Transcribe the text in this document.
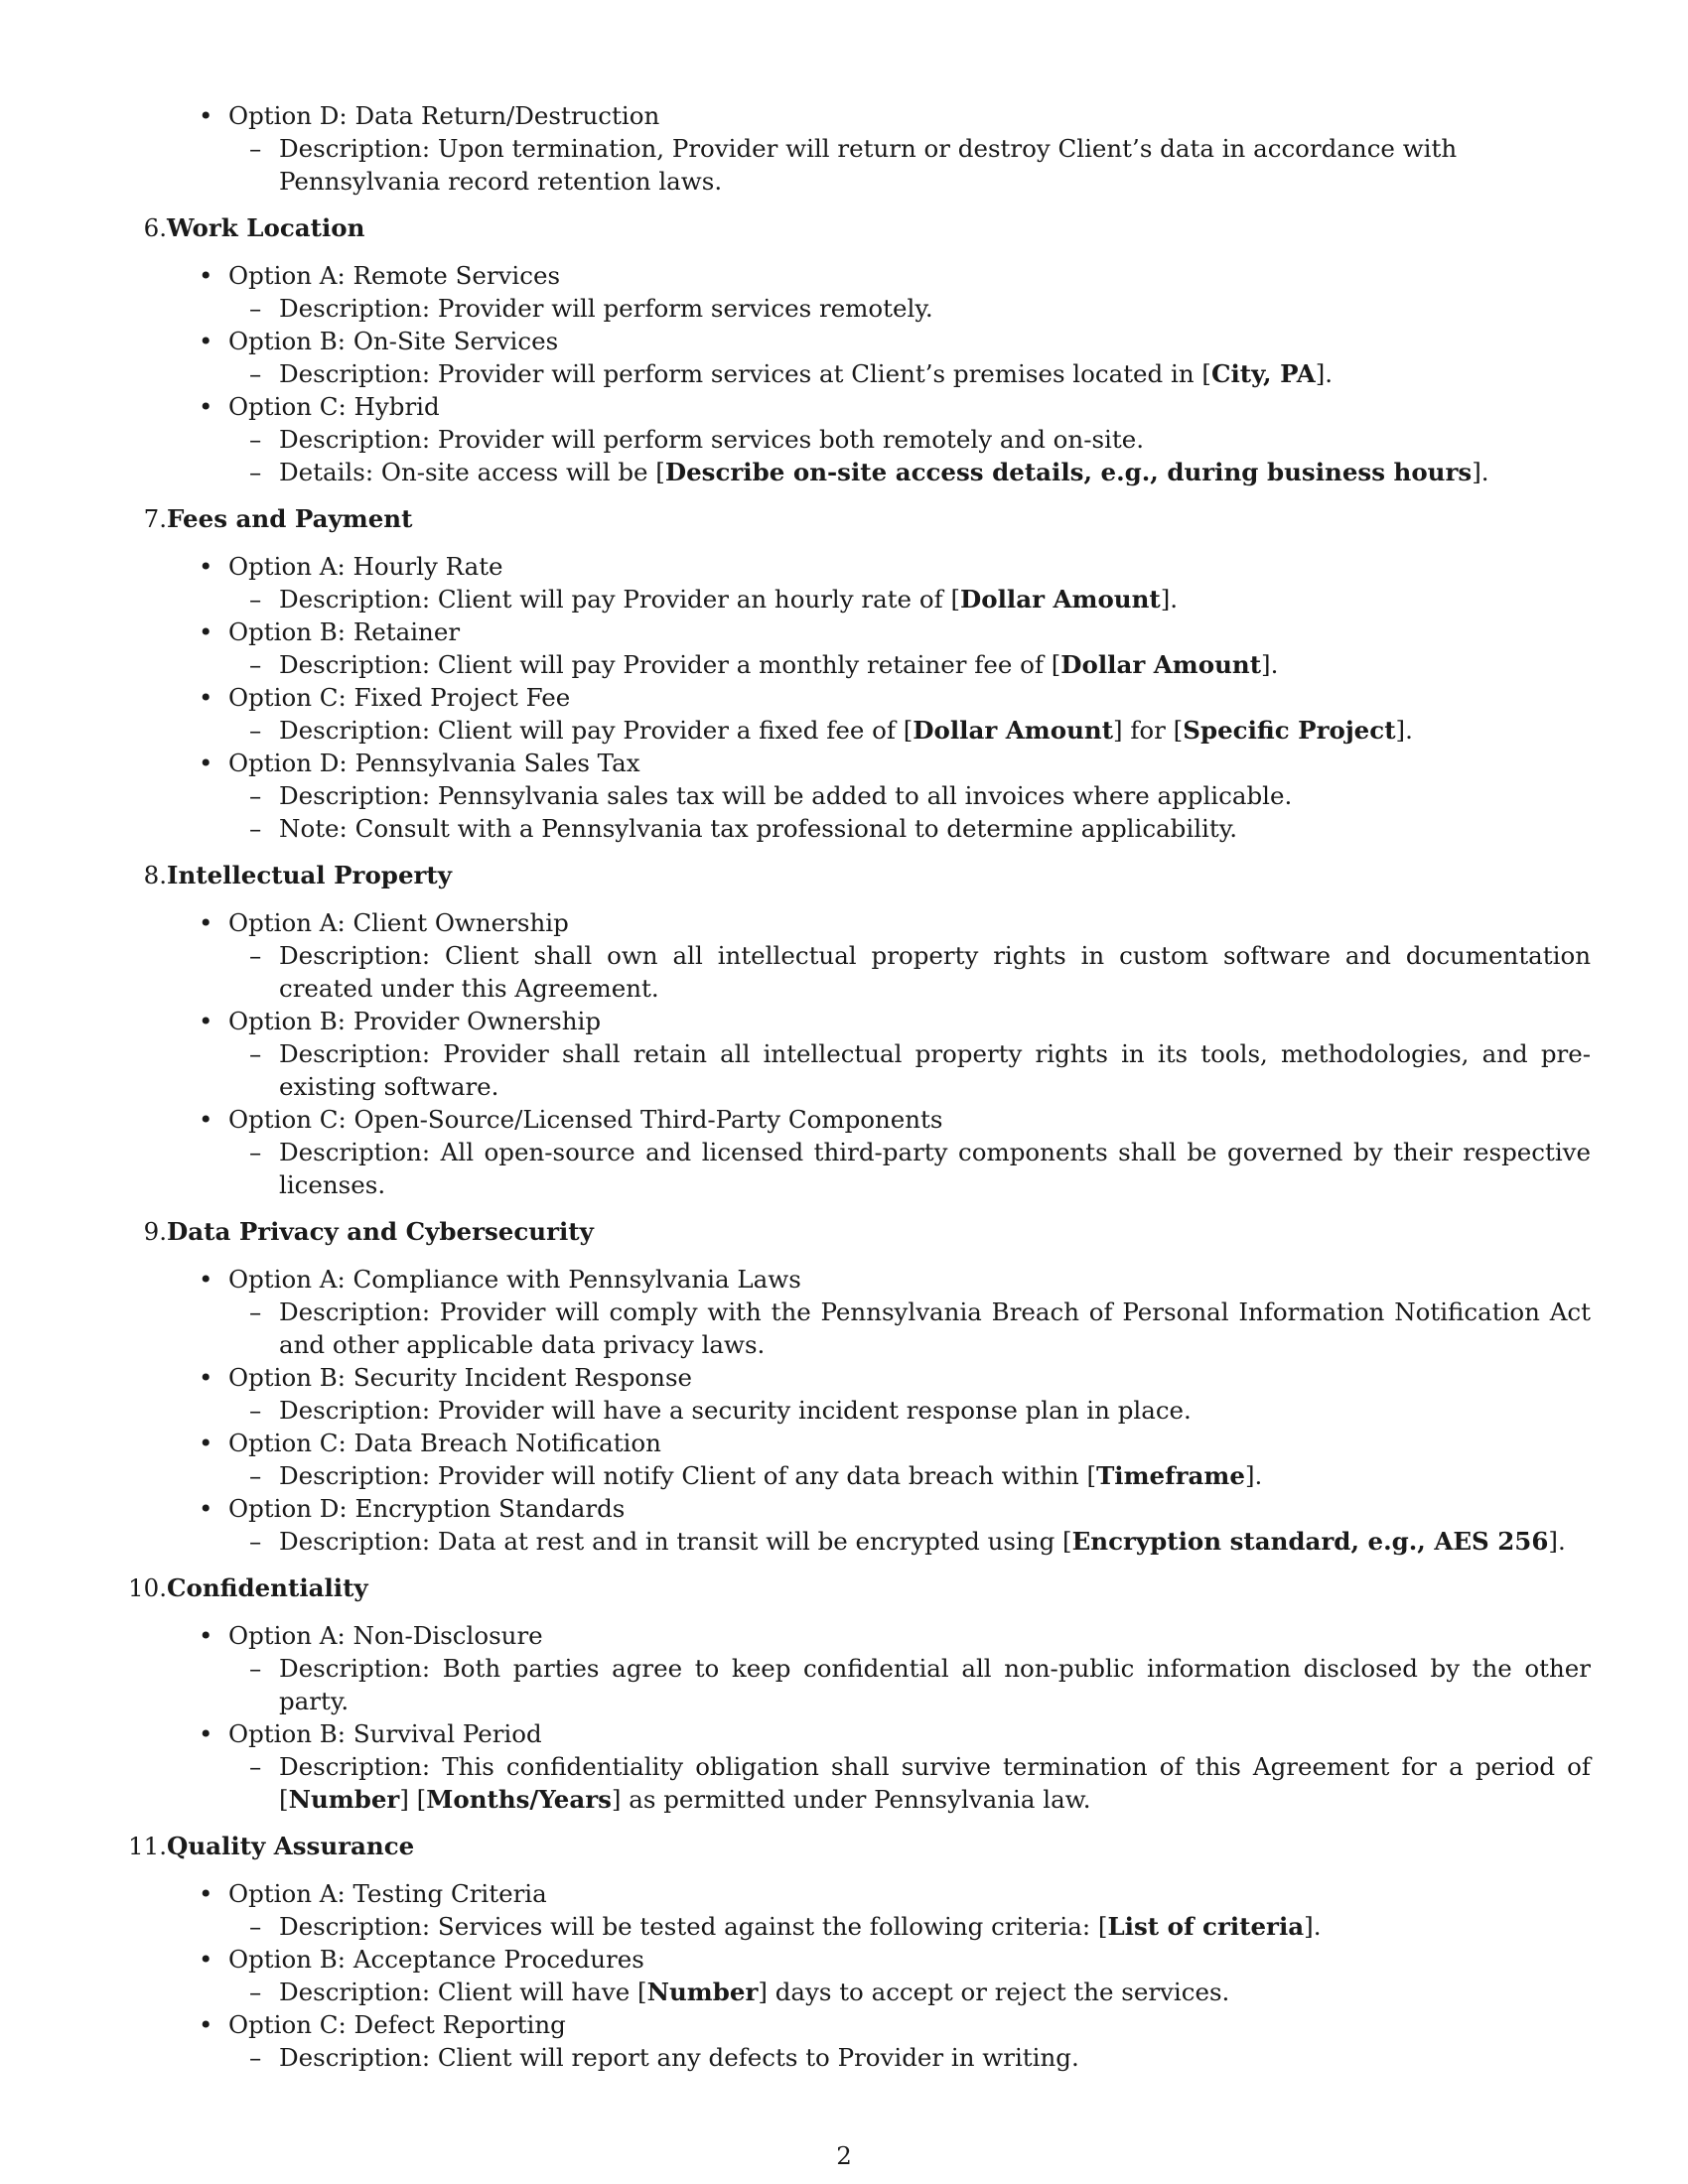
• Option D: Data Return/Destruction
– Description: Upon termination, Provider will return or destroy Client’s data in accordance with Pennsylvania record retention laws.
6. Work Location
• Option A: Remote Services
– Description: Provider will perform services remotely.
• Option B: On-Site Services
– Description: Provider will perform services at Client’s premises located in [City, PA].
• Option C: Hybrid
– Description: Provider will perform services both remotely and on-site.
– Details: On-site access will be [Describe on-site access details, e.g., during business hours].
7. Fees and Payment
• Option A: Hourly Rate
– Description: Client will pay Provider an hourly rate of [Dollar Amount].
• Option B: Retainer
– Description: Client will pay Provider a monthly retainer fee of [Dollar Amount].
• Option C: Fixed Project Fee
– Description: Client will pay Provider a fixed fee of [Dollar Amount] for [Specific Project].
• Option D: Pennsylvania Sales Tax
– Description: Pennsylvania sales tax will be added to all invoices where applicable.
– Note: Consult with a Pennsylvania tax professional to determine applicability.
8. Intellectual Property
• Option A: Client Ownership
– Description: Client shall own all intellectual property rights in custom software and documentation created under this Agreement.
• Option B: Provider Ownership
– Description: Provider shall retain all intellectual property rights in its tools, methodologies, and pre-existing software.
• Option C: Open-Source/Licensed Third-Party Components
– Description: All open-source and licensed third-party components shall be governed by their respective licenses.
9. Data Privacy and Cybersecurity
• Option A: Compliance with Pennsylvania Laws
– Description: Provider will comply with the Pennsylvania Breach of Personal Information Notification Act and other applicable data privacy laws.
• Option B: Security Incident Response
– Description: Provider will have a security incident response plan in place.
• Option C: Data Breach Notification
– Description: Provider will notify Client of any data breach within [Timeframe].
• Option D: Encryption Standards
– Description: Data at rest and in transit will be encrypted using [Encryption standard, e.g., AES 256].
10. Confidentiality
• Option A: Non-Disclosure
– Description: Both parties agree to keep confidential all non-public information disclosed by the other party.
• Option B: Survival Period
– Description: This confidentiality obligation shall survive termination of this Agreement for a period of [Number] [Months/Years] as permitted under Pennsylvania law.
11. Quality Assurance
• Option A: Testing Criteria
– Description: Services will be tested against the following criteria: [List of criteria].
• Option B: Acceptance Procedures
– Description: Client will have [Number] days to accept or reject the services.
• Option C: Defect Reporting
– Description: Client will report any defects to Provider in writing.
2
